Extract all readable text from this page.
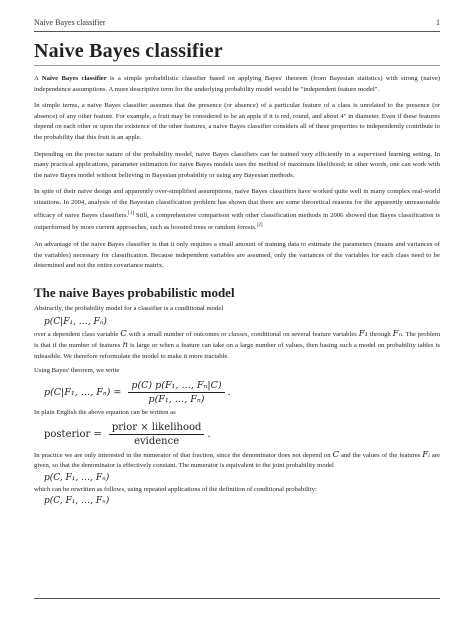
Naive Bayes classifier	1
Naive Bayes classifier

A Naive Bayes classifier is a simple probabilistic classifier based on applying Bayes' theorem (from Bayesian statistics) with strong (naive) independence assumptions. A more descriptive term for the underlying probability model would be "independent feature model".

In simple terms, a naive Bayes classifier assumes that the presence (or absence) of a particular feature of a class is unrelated to the presence (or absence) of any other feature. For example, a fruit may be considered to be an apple if it is red, round, and about 4" in diameter. Even if these features depend on each other or upon the existence of the other features, a naive Bayes classifier considers all of these properties to independently contribute to the probability that this fruit is an apple.

Depending on the precise nature of the probability model, naive Bayes classifiers can be trained very efficiently in a supervised learning setting. In many practical applications, parameter estimation for naive Bayes models uses the method of maximum likelihood; in other words, one can work with the naive Bayes model without believing in Bayesian probability or using any Bayesian methods.

In spite of their naive design and apparently over-simplified assumptions, naive Bayes classifiers have worked quite well in many complex real-world situations. In 2004, analysis of the Bayesian classification problem has shown that there are some theoretical reasons for the apparently unreasonable efficacy of naive Bayes classifiers.[1] Still, a comprehensive comparison with other classification methods in 2006 showed that Bayes classification is outperformed by more current approaches, such as boosted trees or random forests.[2]

An advantage of the naive Bayes classifier is that it only requires a small amount of training data to estimate the parameters (means and variances of the variables) necessary for classification. Because independent variables are assumed, only the variances of the variables for each class need to be determined and not the entire covariance matrix.

The naive Bayes probabilistic model

Abstractly, the probability model for a classifier is a conditional model

p(C|F₁, …, Fₙ)

over a dependent class variable C with a small number of outcomes or classes, conditional on several feature variables F₁ through Fₙ. The problem is that if the number of features n is large or when a feature can take on a large number of values, then basing such a model on probability tables is infeasible. We therefore reformulate the model to make it more tractable.

Using Bayes' theorem, we write

p(C|F₁, …, $F_n) = \frac{\text{p(C) p(F₁, …, Fₙ|C)}}{\text{p(F₁, …, Fₙ)}}$ .

In plain English the above equation can be written as

posterior = $\frac{\text{prior × likelihood}}{\text{evidence}}$ .

In practice we are only interested in the numerator of that fraction, since the denominator does not depend on C and the values of the features Fᵢ are given, so that the denominator is effectively constant. The numerator is equivalent to the joint probability model

p(C, F₁, …, Fₙ)

which can be rewritten as follows, using repeated applications of the definition of conditional probability:

p(C, F₁, …, Fₙ)
